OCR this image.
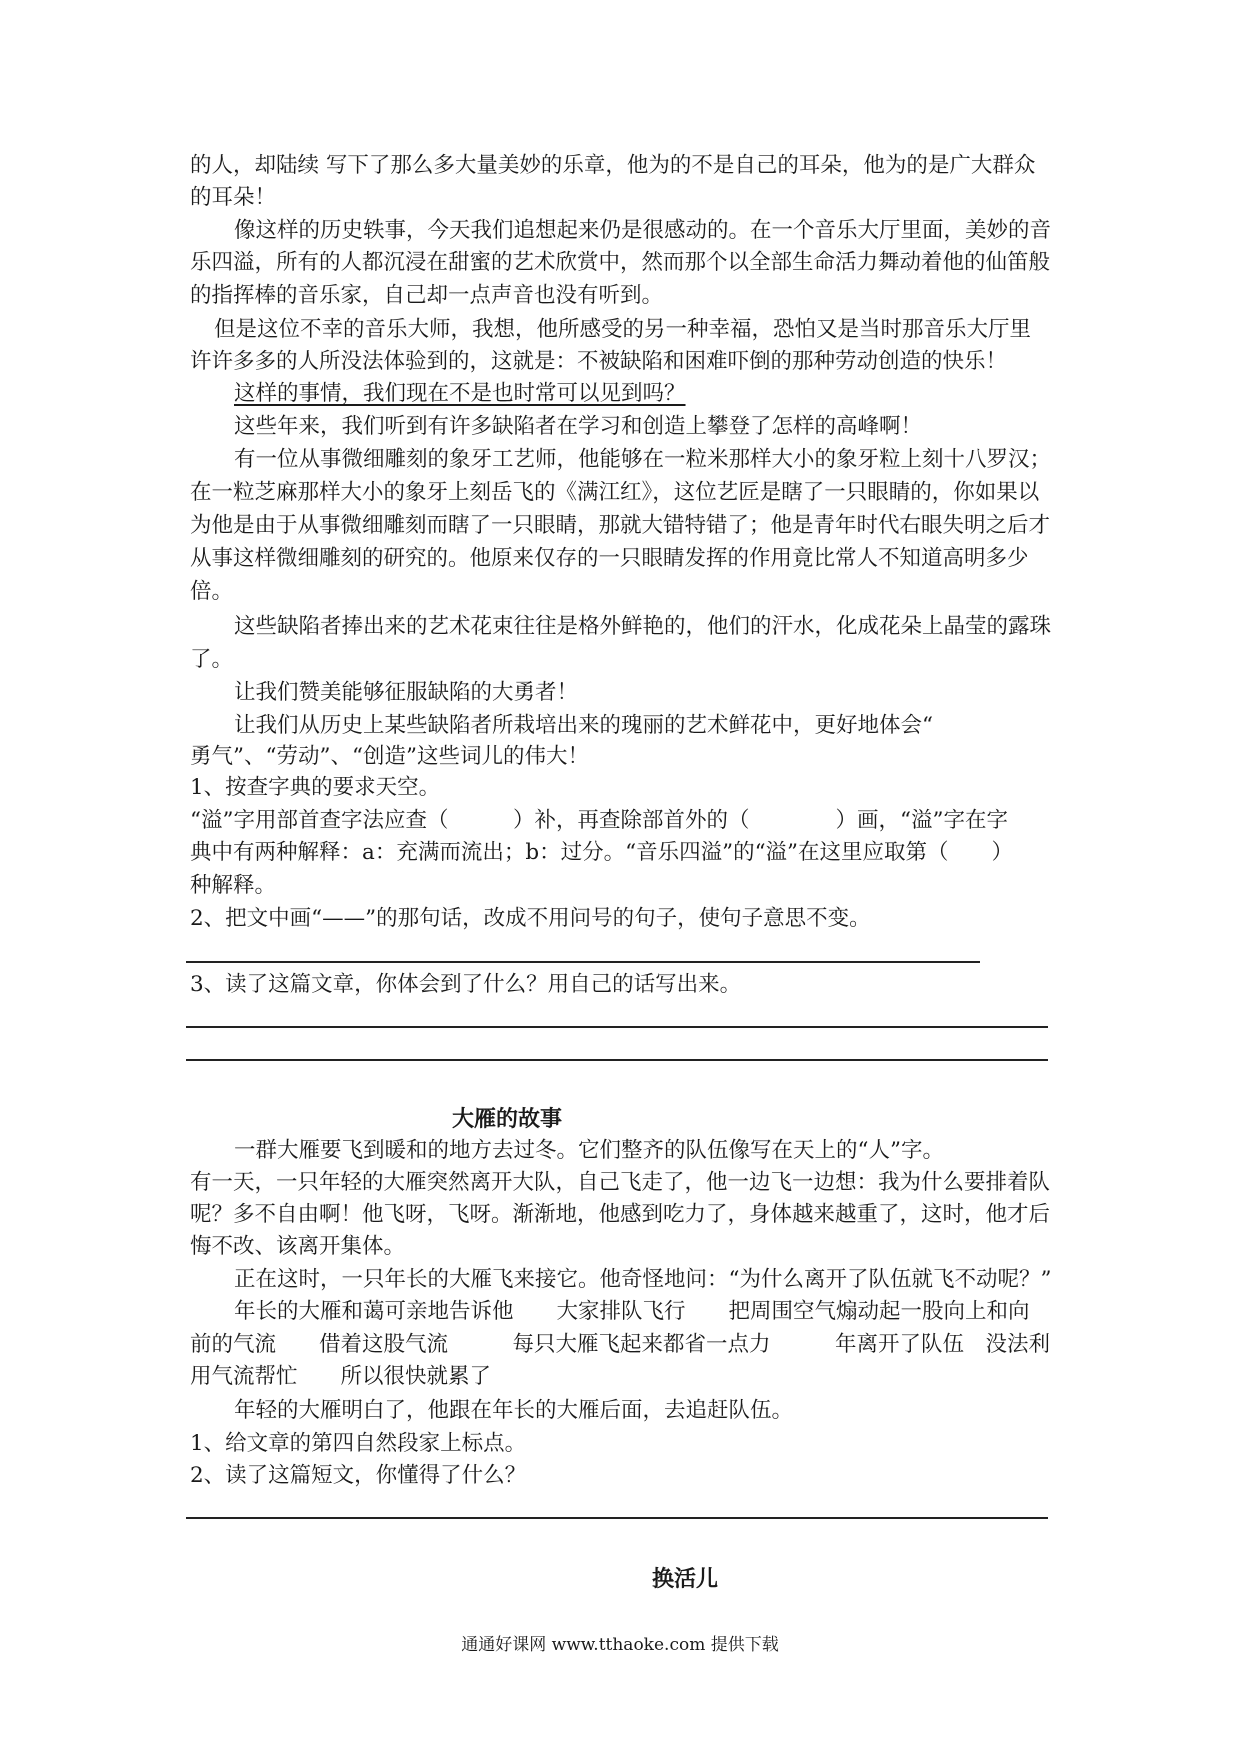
的人，却陆续 写下了那么多大量美妙的乐章，他为的不是自己的耳朵，他为的是广大群众
的耳朵！
像这样的历史轶事，今天我们追想起来仍是很感动的。在一个音乐大厅里面，美妙的音
乐四溢，所有的人都沉浸在甜蜜的艺术欣赏中，然而那个以全部生命活力舞动着他的仙笛般
的指挥棒的音乐家，自己却一点声音也没有听到。
但是这位不幸的音乐大师，我想，他所感受的另一种幸福，恐怕又是当时那音乐大厅里
许许多多的人所没法体验到的，这就是：不被缺陷和困难吓倒的那种劳动创造的快乐！
这样的事情，我们现在不是也时常可以见到吗？
这些年来，我们听到有许多缺陷者在学习和创造上攀登了怎样的高峰啊！
有一位从事微细雕刻的象牙工艺师，他能够在一粒米那样大小的象牙粒上刻十八罗汉；
在一粒芝麻那样大小的象牙上刻岳飞的《满江红》，这位艺匠是瞎了一只眼睛的，你如果以
为他是由于从事微细雕刻而瞎了一只眼睛，那就大错特错了；他是青年时代右眼失明之后才
从事这样微细雕刻的研究的。他原来仅存的一只眼睛发挥的作用竟比常人不知道高明多少
倍。
这些缺陷者捧出来的艺术花束往往是格外鲜艳的，他们的汗水，化成花朵上晶莹的露珠
了。
让我们赞美能够征服缺陷的大勇者！
让我们从历史上某些缺陷者所栽培出来的瑰丽的艺术鲜花中，更好地体会“
勇气”、“劳动”、“创造”这些词儿的伟大！
1、按查字典的要求天空。
“溢”字用部首查字法应查（　　　）补，再查除部首外的（　　　　）画，“溢”字在字
典中有两种解释：a：充满而流出；b：过分。“音乐四溢”的“溢”在这里应取第（　　）
种解释。
2、把文中画“——”的那句话，改成不用问号的句子，使句子意思不变。
3、读了这篇文章，你体会到了什么？用自己的话写出来。
大雁的故事
一群大雁要飞到暖和的地方去过冬。它们整齐的队伍像写在天上的“人”字。
有一天，一只年轻的大雁突然离开大队，自己飞走了，他一边飞一边想：我为什么要排着队
呢？多不自由啊！他飞呀，飞呀。渐渐地，他感到吃力了，身体越来越重了，这时，他才后
悔不改、该离开集体。
正在这时，一只年长的大雁飞来接它。他奇怪地问：“为什么离开了队伍就飞不动呢？”
年长的大雁和蔼可亲地告诉他　　大家排队飞行　　把周围空气煽动起一股向上和向
前的气流　　借着这股气流　　　每只大雁飞起来都省一点力　　　年离开了队伍　没法利
用气流帮忙　　所以很快就累了
年轻的大雁明白了，他跟在年长的大雁后面，去追赶队伍。
1、给文章的第四自然段家上标点。
2、读了这篇短文，你懂得了什么？
换活儿
通通好课网 www.tthaoke.com 提供下载
